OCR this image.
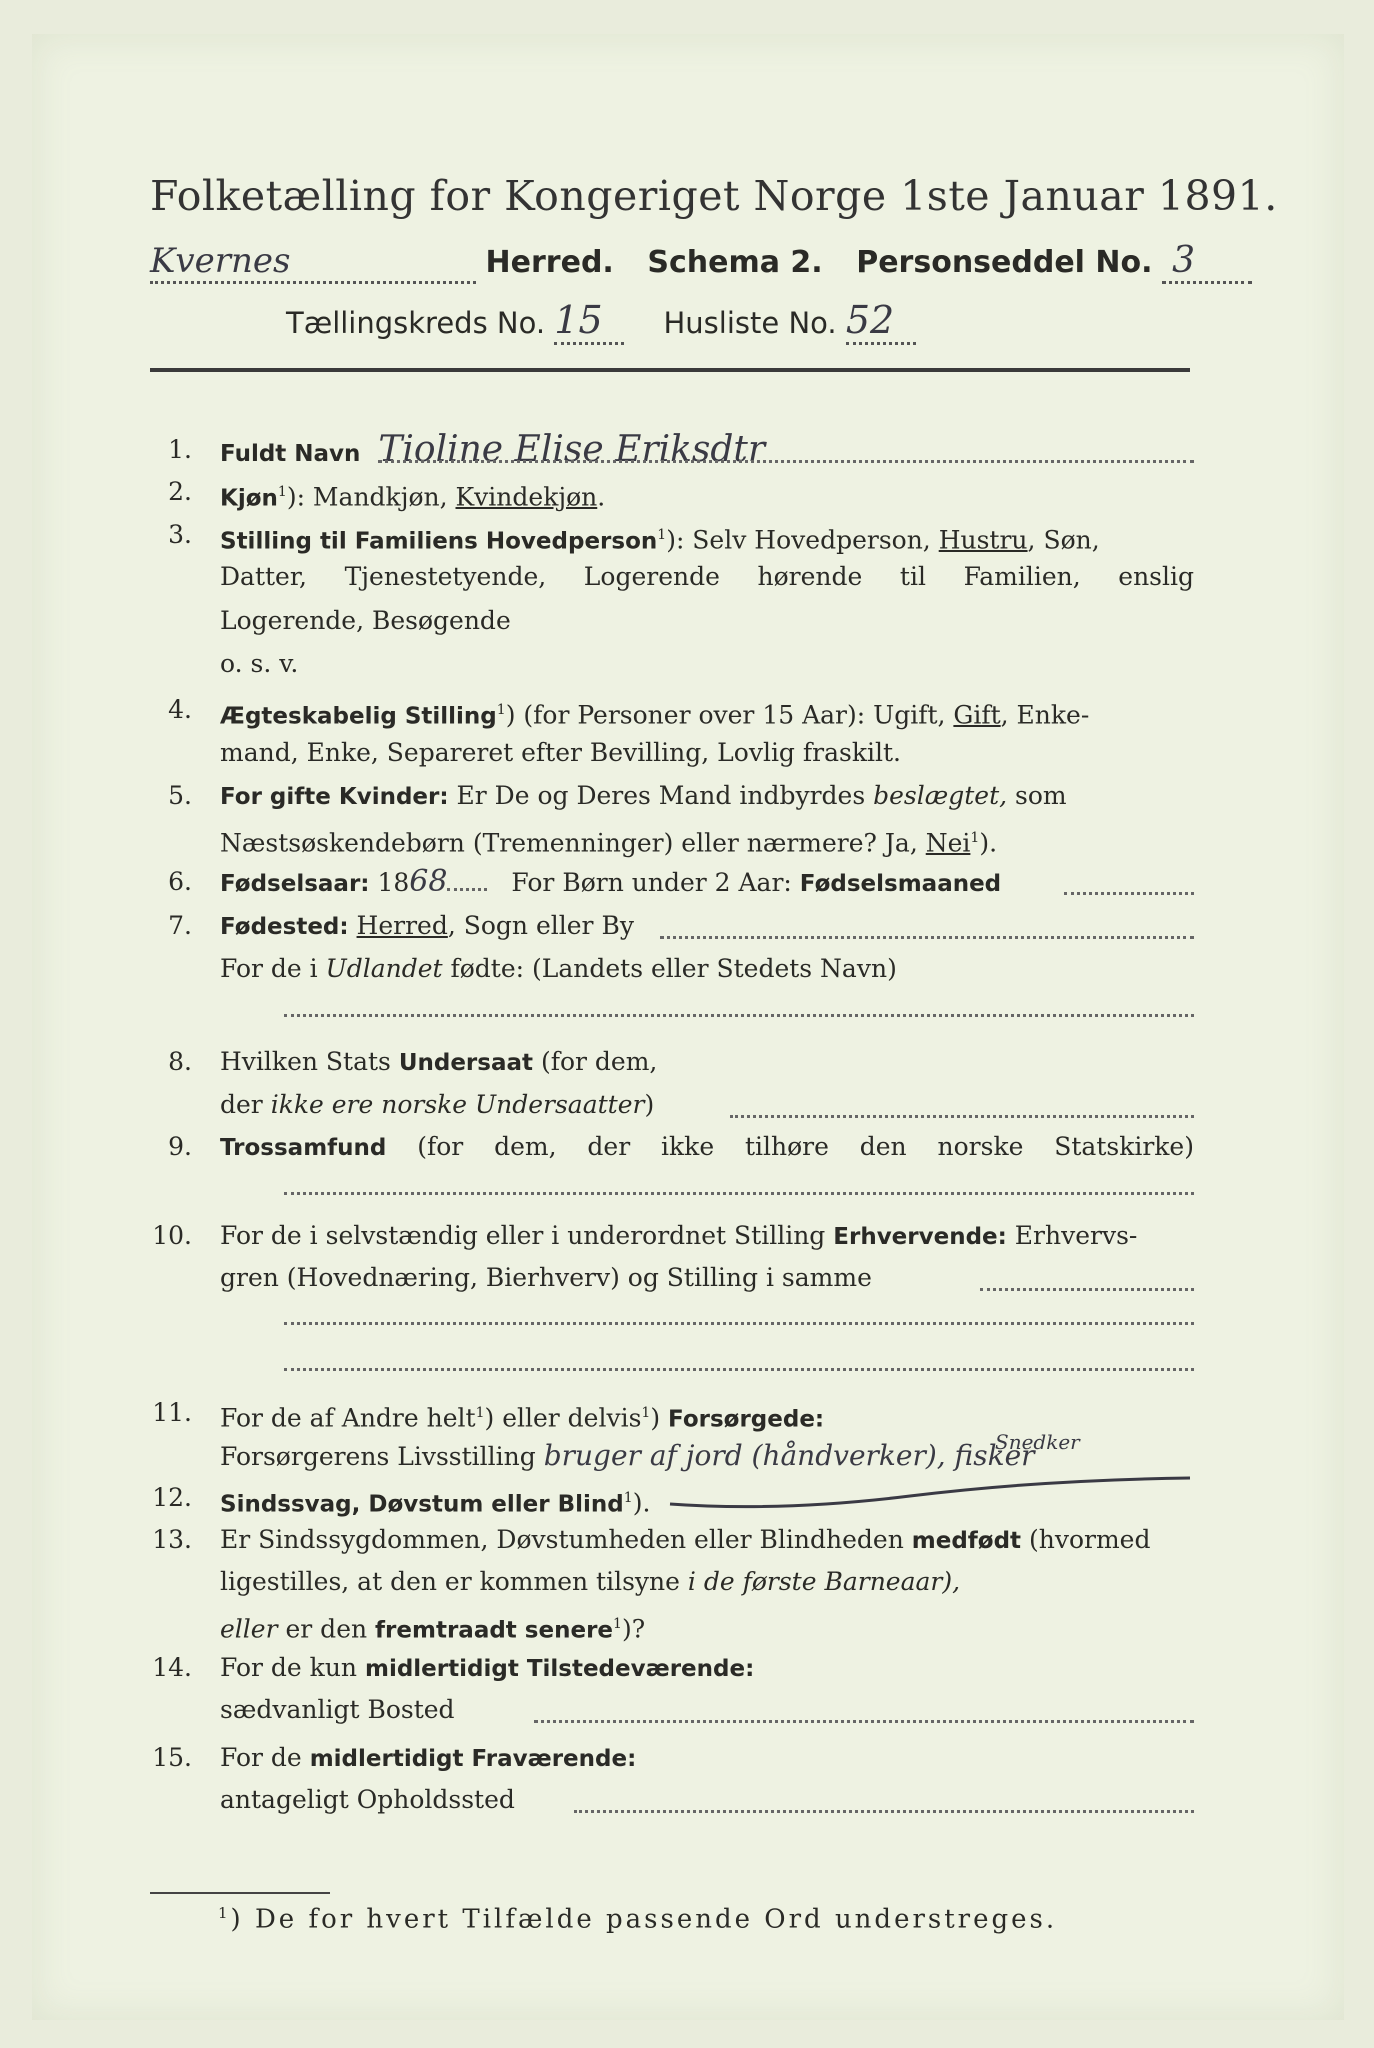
Folketælling for Kongeriget Norge 1ste Januar 1891.
Kvernes	Herred. Schema 2. Personseddel No. 3
Tællingskreds No. 15 Husliste No. 52
1. Fuldt Navn Tioline Elise Eriksdtr
2. Kjøn$^1$): Mandkjøn, Kvindekjøn.
3. Stilling til Familiens Hovedperson$^1$): Selv Hovedperson, Hustru, Søn,
Datter, Tjenestetyende, Logerende hørende til Familien, enslig
Logerende, Besøgende
o. s. v.
4. Ægteskabelig Stilling$^1$) (for Personer over 15 Aar): Ugift, Gift, Enke-
mand, Enke, Separeret efter Bevilling, Lovlig fraskilt.
5. For gifte Kvinder: Er De og Deres Mand indbyrdes beslægtet, som
Næstsøskendebørn (Tremenninger) eller nærmere? Ja, Nei$^1$).
6. Fødselsaar: 1868	For Børn under 2 Aar: Fødselsmaaned
7. Fødested: Herred, Sogn eller By
For de i Udlandet fødte: (Landets eller Stedets Navn)
8. Hvilken Stats Undersaat (for dem,
der ikke ere norske Undersaatter)
9. Trossamfund (for dem, der ikke tilhøre den norske Statskirke)
10. For de i selvstændig eller i underordnet Stilling Erhvervende: Erhvervs-
gren (Hovednæring, Bierhverv) og Stilling i samme
11. For de af Andre helt$^1$) eller delvis$^1$) Forsørgede:
Snedker
Forsørgerens Livsstilling bruger af jord (håndverker), fisker
12. Sindssvag, Døvstum eller Blind$^1$).
13. Er Sindssygdommen, Døvstumheden eller Blindheden medfødt (hvormed
ligestilles, at den er kommen tilsyne i de første Barneaar),
eller er den fremtraadt senere$^1$)?
14. For de kun midlertidigt Tilstedeværende:
sædvanligt Bosted
15. For de midlertidigt Fraværende:
antageligt Opholdssted
$^1$) De for hvert Tilfælde passende Ord understreges.
